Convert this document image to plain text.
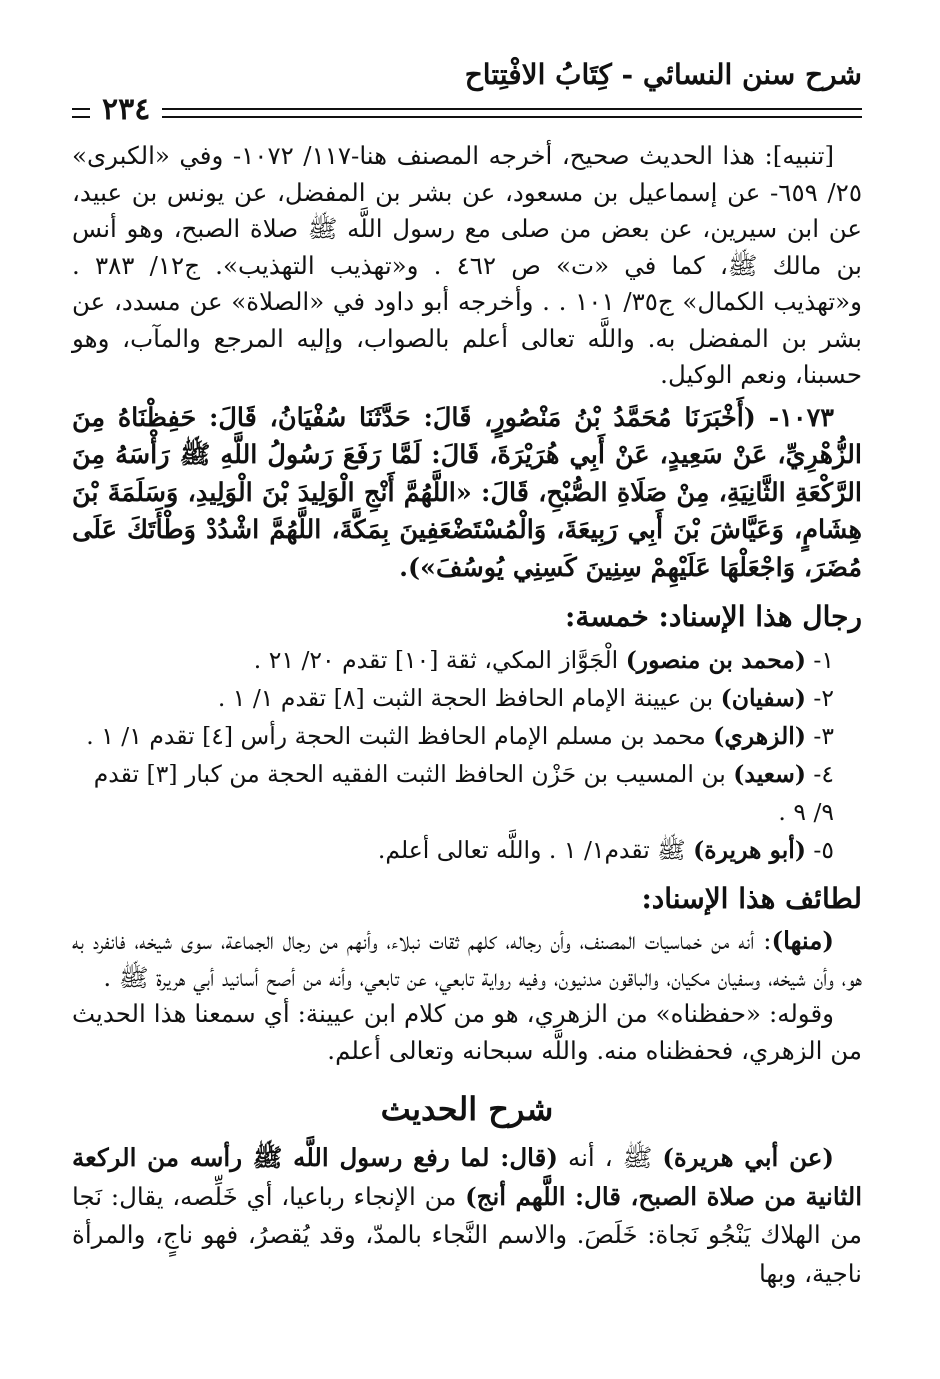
شرح سنن النسائي - كِتَابُ الافْتِتاح
٢٣٤

[تنبيه]: هذا الحديث صحيح، أخرجه المصنف هنا-١١٧/ ١٠٧٢- وفي «الكبرى» ٢٥/ ٦٥٩- عن إسماعيل بن مسعود، عن بشر بن المفضل، عن يونس بن عبيد، عن ابن سيرين، عن بعض من صلى مع رسول اللَّه ﷺ صلاة الصبح، وهو أنس بن مالك ﷺ، كما في «ت» ص ٤٦٢ . و«تهذيب التهذيب». ج١٢/ ٣٨٣ . و«تهذيب الكمال» ج٣٥/ ١٠١ . . وأخرجه أبو داود في «الصلاة» عن مسدد، عن بشر بن المفضل به. واللَّه تعالى أعلم بالصواب، وإليه المرجع والمآب، وهو حسبنا، ونعم الوكيل.

١٠٧٣- (أَخْبَرَنَا مُحَمَّدُ بْنُ مَنْصُورٍ، قَالَ: حَدَّثَنَا سُفْيَانُ، قَالَ: حَفِظْنَاهُ مِنَ الزُّهْرِيِّ، عَنْ سَعِيدٍ، عَنْ أَبِي هُرَيْرَةَ، قَالَ: لَمَّا رَفَعَ رَسُولُ اللَّهِ ﷺ رَأْسَهُ مِنَ الرَّكْعَةِ الثَّانِيَةِ، مِنْ صَلَاةِ الصُّبْحِ، قَالَ: «اللَّهُمَّ أَنْجِ الْوَلِيدَ بْنَ الْوَلِيدِ، وَسَلَمَةَ بْنَ هِشَامٍ، وَعَيَّاشَ بْنَ أَبِي رَبِيعَةَ، وَالْمُسْتَضْعَفِينَ بِمَكَّةَ، اللَّهُمَّ اشْدُدْ وَطْأَتَكَ عَلَى مُضَرَ، وَاجْعَلْهَا عَلَيْهِمْ سِنِينَ كَسِنِي يُوسُفَ»).

رجال هذا الإسناد: خمسة:
١- (محمد بن منصور) الْجَوَّاز المكي، ثقة [١٠] تقدم ٢٠/ ٢١ .
٢- (سفيان) بن عيينة الإمام الحافظ الحجة الثبت [٨] تقدم ١/ ١ .
٣- (الزهري) محمد بن مسلم الإمام الحافظ الثبت الحجة رأس [٤] تقدم ١/ ١ .
٤- (سعيد) بن المسيب بن حَزْن الحافظ الثبت الفقيه الحجة من كبار [٣] تقدم ٩/ ٩ .
٥- (أبو هريرة) ﷺ تقدم١/ ١ . واللَّه تعالى أعلم.
لطائف هذا الإسناد:

(منها): أنه من خماسيات المصنف، وأن رجاله، كلهم ثقات نبلاء، وأنهم من رجال الجماعة، سوى شيخه، فانفرد به هو، وأن شيخه، وسفيان مكيان، والباقون مدنيون، وفيه رواية تابعي، عن تابعي، وأنه من أصح أسانيد أبي هريرة ﷺ .

وقوله: «حفظناه» من الزهري، هو من كلام ابن عيينة: أي سمعنا هذا الحديث من الزهري، فحفظناه منه. واللَّه سبحانه وتعالى أعلم.

شرح الحديث

(عن أبي هريرة) ﷺ ، أنه (قال: لما رفع رسول اللَّه ﷺ رأسه من الركعة الثانية من صلاة الصبح، قال: اللَّهم أنج) من الإنجاء رباعيا، أي خَلِّصه، يقال: نَجا من الهلاك يَنْجُو نَجاة: خَلَصَ. والاسم النَّجاء بالمدّ، وقد يُقصرُ، فهو ناجٍ، والمرأة ناجية، وبها
